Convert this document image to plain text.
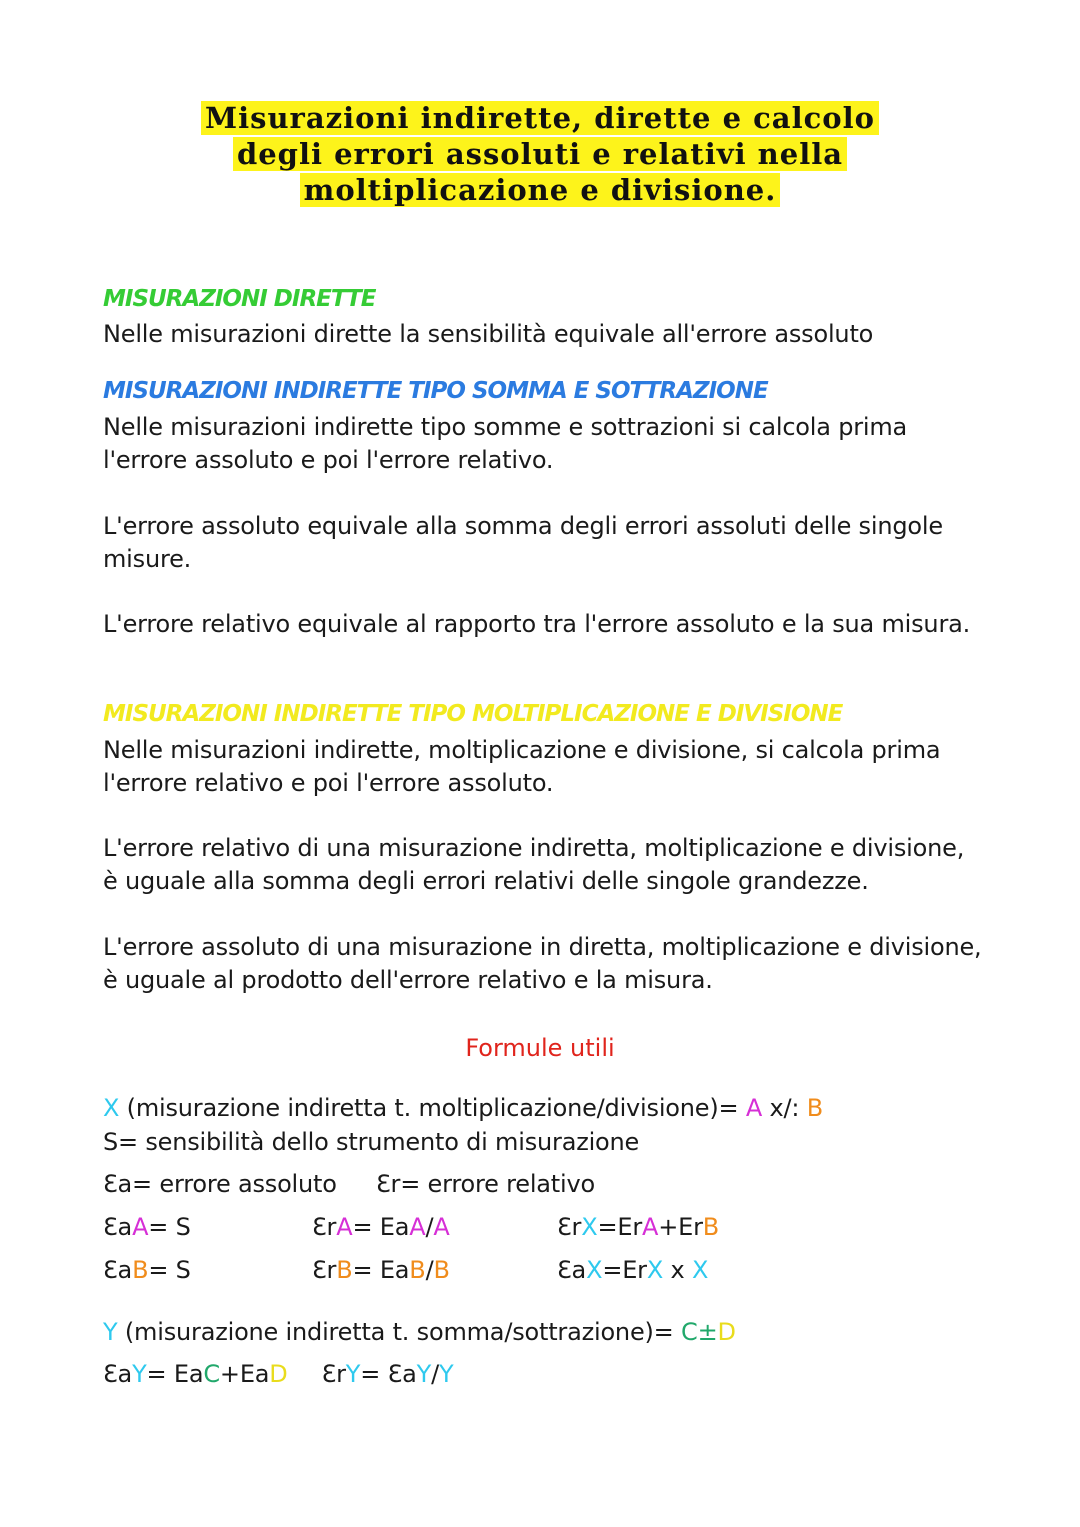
Misurazioni indirette, dirette e calcolo
degli errori assoluti e relativi nella
moltiplicazione e divisione.
MISURAZIONI DIRETTE
Nelle misurazioni dirette la sensibilità equivale all'errore assoluto
MISURAZIONI INDIRETTE TIPO SOMMA E SOTTRAZIONE
Nelle misurazioni indirette tipo somme e sottrazioni si calcola prima l'errore assoluto e poi l'errore relativo.
L'errore assoluto equivale alla somma degli errori assoluti delle singole misure.
L'errore relativo equivale al rapporto tra l'errore assoluto e la sua misura.
MISURAZIONI INDIRETTE TIPO MOLTIPLICAZIONE E DIVISIONE
Nelle misurazioni indirette, moltiplicazione e divisione, si calcola prima l'errore relativo e poi l'errore assoluto.
L'errore relativo di una misurazione indiretta, moltiplicazione e divisione, è uguale alla somma degli errori relativi delle singole grandezze.
L'errore assoluto di una misurazione in diretta, moltiplicazione e divisione, è uguale al prodotto dell'errore relativo e la misura.
Formule utili
X (misurazione indiretta t. moltiplicazione/divisione)= A x/: B
S= sensibilità dello strumento di misurazione
Ɛa= errore assoluto Ɛr= errore relativo
ƐaA= S	ƐrA= EaA/A	ƐrX=ErA+ErB
ƐaB= S	ƐrB= EaB/B	ƐaX=ErX x X
Y (misurazione indiretta t. somma/sottrazione)= C±D
ƐaY= EaC+EaD ƐrY= ƐaY/Y
